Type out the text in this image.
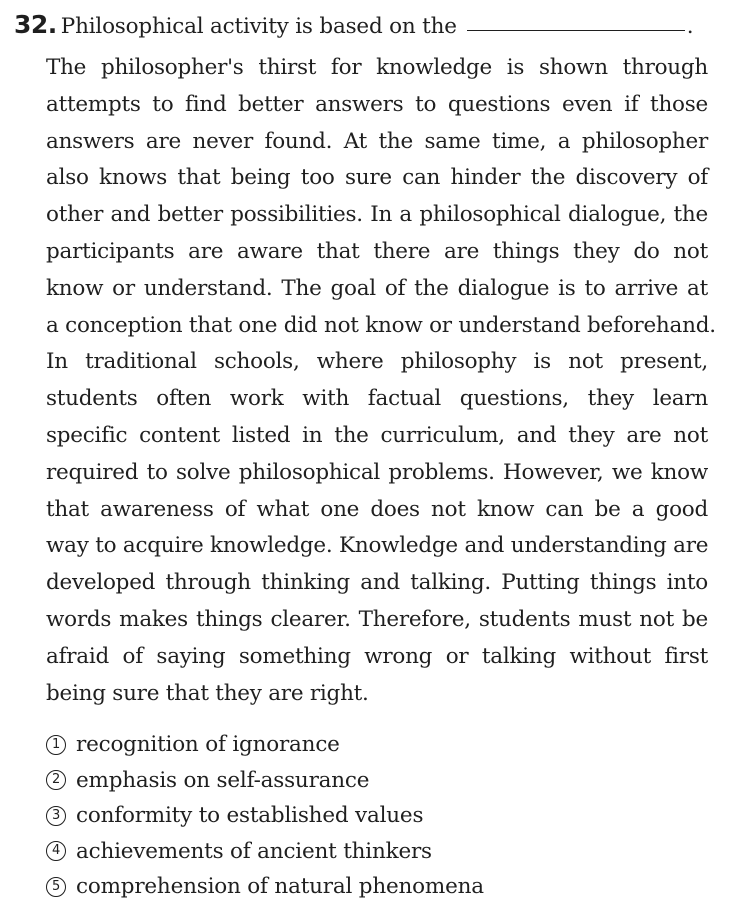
32. Philosophical activity is based on the	.
The philosopher's thirst for knowledge is shown through
attempts to find better answers to questions even if those
answers are never found. At the same time, a philosopher
also knows that being too sure can hinder the discovery of
other and better possibilities. In a philosophical dialogue, the
participants are aware that there are things they do not
know or understand. The goal of the dialogue is to arrive at
a conception that one did not know or understand beforehand.
In traditional schools, where philosophy is not present,
students often work with factual questions, they learn
specific content listed in the curriculum, and they are not
required to solve philosophical problems. However, we know
that awareness of what one does not know can be a good
way to acquire knowledge. Knowledge and understanding are
developed through thinking and talking. Putting things into
words makes things clearer. Therefore, students must not be
afraid of saying something wrong or talking without first
being sure that they are right.
1 recognition of ignorance
2 emphasis on self-assurance
3 conformity to established values
4 achievements of ancient thinkers
5 comprehension of natural phenomena
